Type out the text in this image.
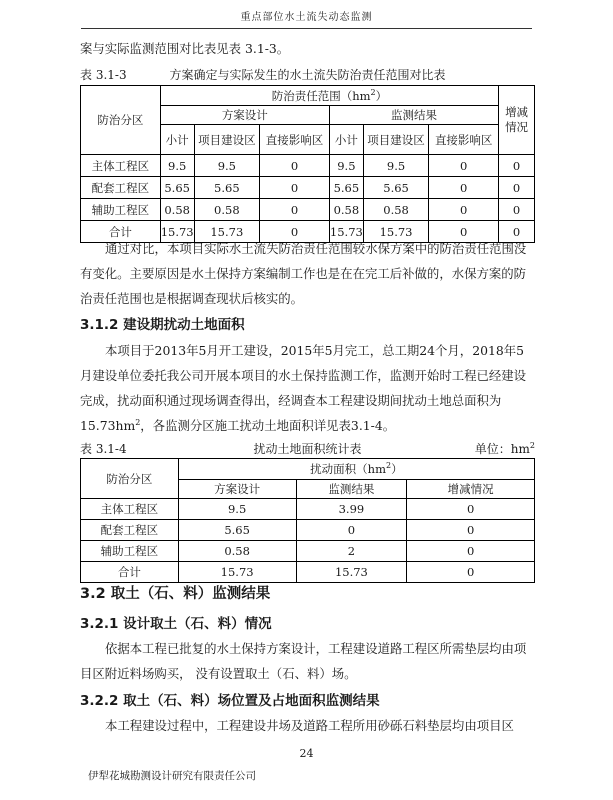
重点部位水土流失动态监测

案与实际监测范围对比表见表 3.1-3。

表 3.1-3	方案确定与实际发生的水土流失防治责任范围对比表
防治分区	防治责任范围$(hm^2)$						增减情况
	方案设计			监测结果			
	小计	项目建设区	直接影响区	小计	项目建设区	直接影响区	
主体工程区	9.5	9.5	0	9.5	9.5	0	0
配套工程区	5.65	5.65	0	5.65	5.65	0	0
辅助工程区	0.58	0.58	0	0.58	0.58	0	0
合计	15.73	15.73	0	15.73	15.73	0	0

通过对比，本项目实际水土流失防治责任范围较水保方案中的防治责任范围没有变化。主要原因是水土保持方案编制工作也是在在完工后补做的，水保方案的防治责任范围也是根据调查现状后核实的。

3.1.2 建设期扰动土地面积

本项目于2013年5月开工建设，2015年5月完工，总工期24个月，2018年5月建设单位委托我公司开展本项目的水土保持监测工作，监测开始时工程已经建设完成，扰动面积通过现场调查得出，经调查本工程建设期间扰动土地总面积为$15.73hm^2$，各监测分区施工扰动土地面积详见表3.1-4。

表 3.1-4	扰动土地面积统计表	单位：$hm^2$
防治分区	扰动面积$(hm^2)$		
	方案设计	监测结果	增减情况
主体工程区	9.5	3.99	0
配套工程区	5.65	0	0
辅助工程区	0.58	2	0
合计	15.73	15.73	0
3.2 取土（石、料）监测结果
3.2.1 设计取土（石、料）情况

依据本工程已批复的水土保持方案设计，工程建设道路工程区所需垫层均由项目区附近料场购买， 没有设置取土（石、料）场。

3.2.2 取土（石、料）场位置及占地面积监测结果

本工程建设过程中，工程建设井场及道路工程所用砂砾石料垫层均由项目区

24
伊犁花城勘测设计研究有限责任公司
